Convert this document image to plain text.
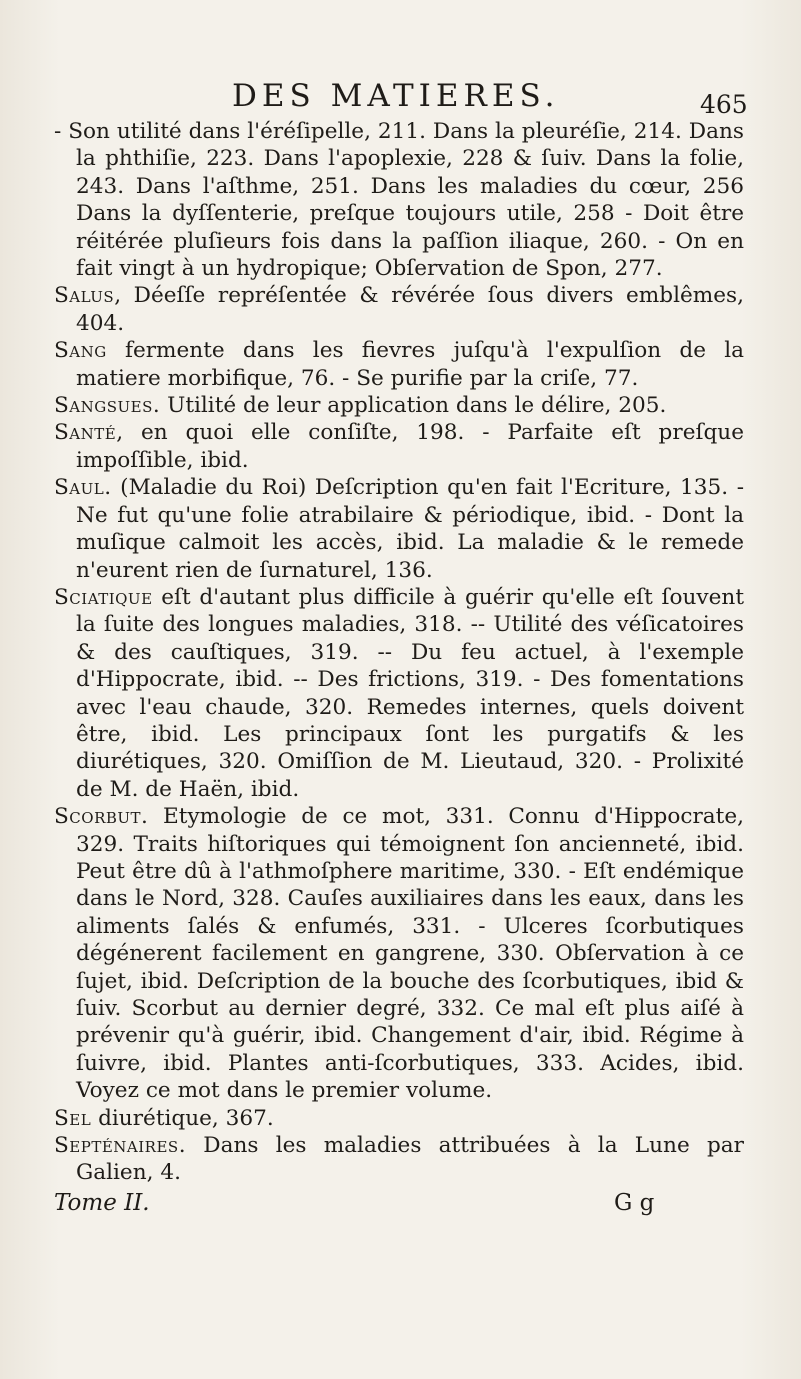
DES MATIERES.	465

- Son utilité dans l'éréſipelle, 211. Dans la pleuréſie, 214. Dans la phthiſie, 223. Dans l'apoplexie, 228 & ſuiv. Dans la folie, 243. Dans l'aſthme, 251. Dans les maladies du cœur, 256 Dans la dyſſenterie, preſque toujours utile, 258 - Doit être réitérée pluſieurs fois dans la paſſion iliaque, 260. - On en fait vingt à un hydropique; Obſervation de Spon, 277.

Salus, Déeſſe repréſentée & révérée ſous divers emblêmes, 404.

Sang fermente dans les fievres juſqu'à l'expulſion de la matiere morbifique, 76. - Se purifie par la criſe, 77.

Sangsues. Utilité de leur application dans le délire, 205.

Santé, en quoi elle conſiſte, 198. - Parfaite eſt preſque impoſſible, ibid.

Saul. (Maladie du Roi) Deſcription qu'en fait l'Ecriture, 135. - Ne fut qu'une folie atrabilaire & périodique, ibid. - Dont la muſique calmoit les accès, ibid. La maladie & le remede n'eurent rien de ſurnaturel, 136.

Sciatique eſt d'autant plus difficile à guérir qu'elle eſt ſouvent la ſuite des longues maladies, 318. -- Utilité des véſicatoires & des cauſtiques, 319. -- Du feu actuel, à l'exemple d'Hippocrate, ibid. -- Des frictions, 319. - Des fomentations avec l'eau chaude, 320. Remedes internes, quels doivent être, ibid. Les principaux ſont les purgatifs & les diurétiques, 320. Omiſſion de M. Lieutaud, 320. - Prolixité de M. de Haën, ibid.

Scorbut. Etymologie de ce mot, 331. Connu d'Hippocrate, 329. Traits hiſtoriques qui témoignent ſon ancienneté, ibid. Peut être dû à l'athmoſphere maritime, 330. - Eſt endémique dans le Nord, 328. Cauſes auxiliaires dans les eaux, dans les aliments ſalés & enfumés, 331. - Ulceres ſcorbutiques dégénerent facilement en gangrene, 330. Obſervation à ce ſujet, ibid. Deſcription de la bouche des ſcorbutiques, ibid & ſuiv. Scorbut au dernier degré, 332. Ce mal eſt plus aiſé à prévenir qu'à guérir, ibid. Changement d'air, ibid. Régime à ſuivre, ibid. Plantes anti-ſcorbutiques, 333. Acides, ibid. Voyez ce mot dans le premier volume.

Sel diurétique, 367.

Septénaires. Dans les maladies attribuées à la Lune par Galien, 4.

Tome II.	G g
